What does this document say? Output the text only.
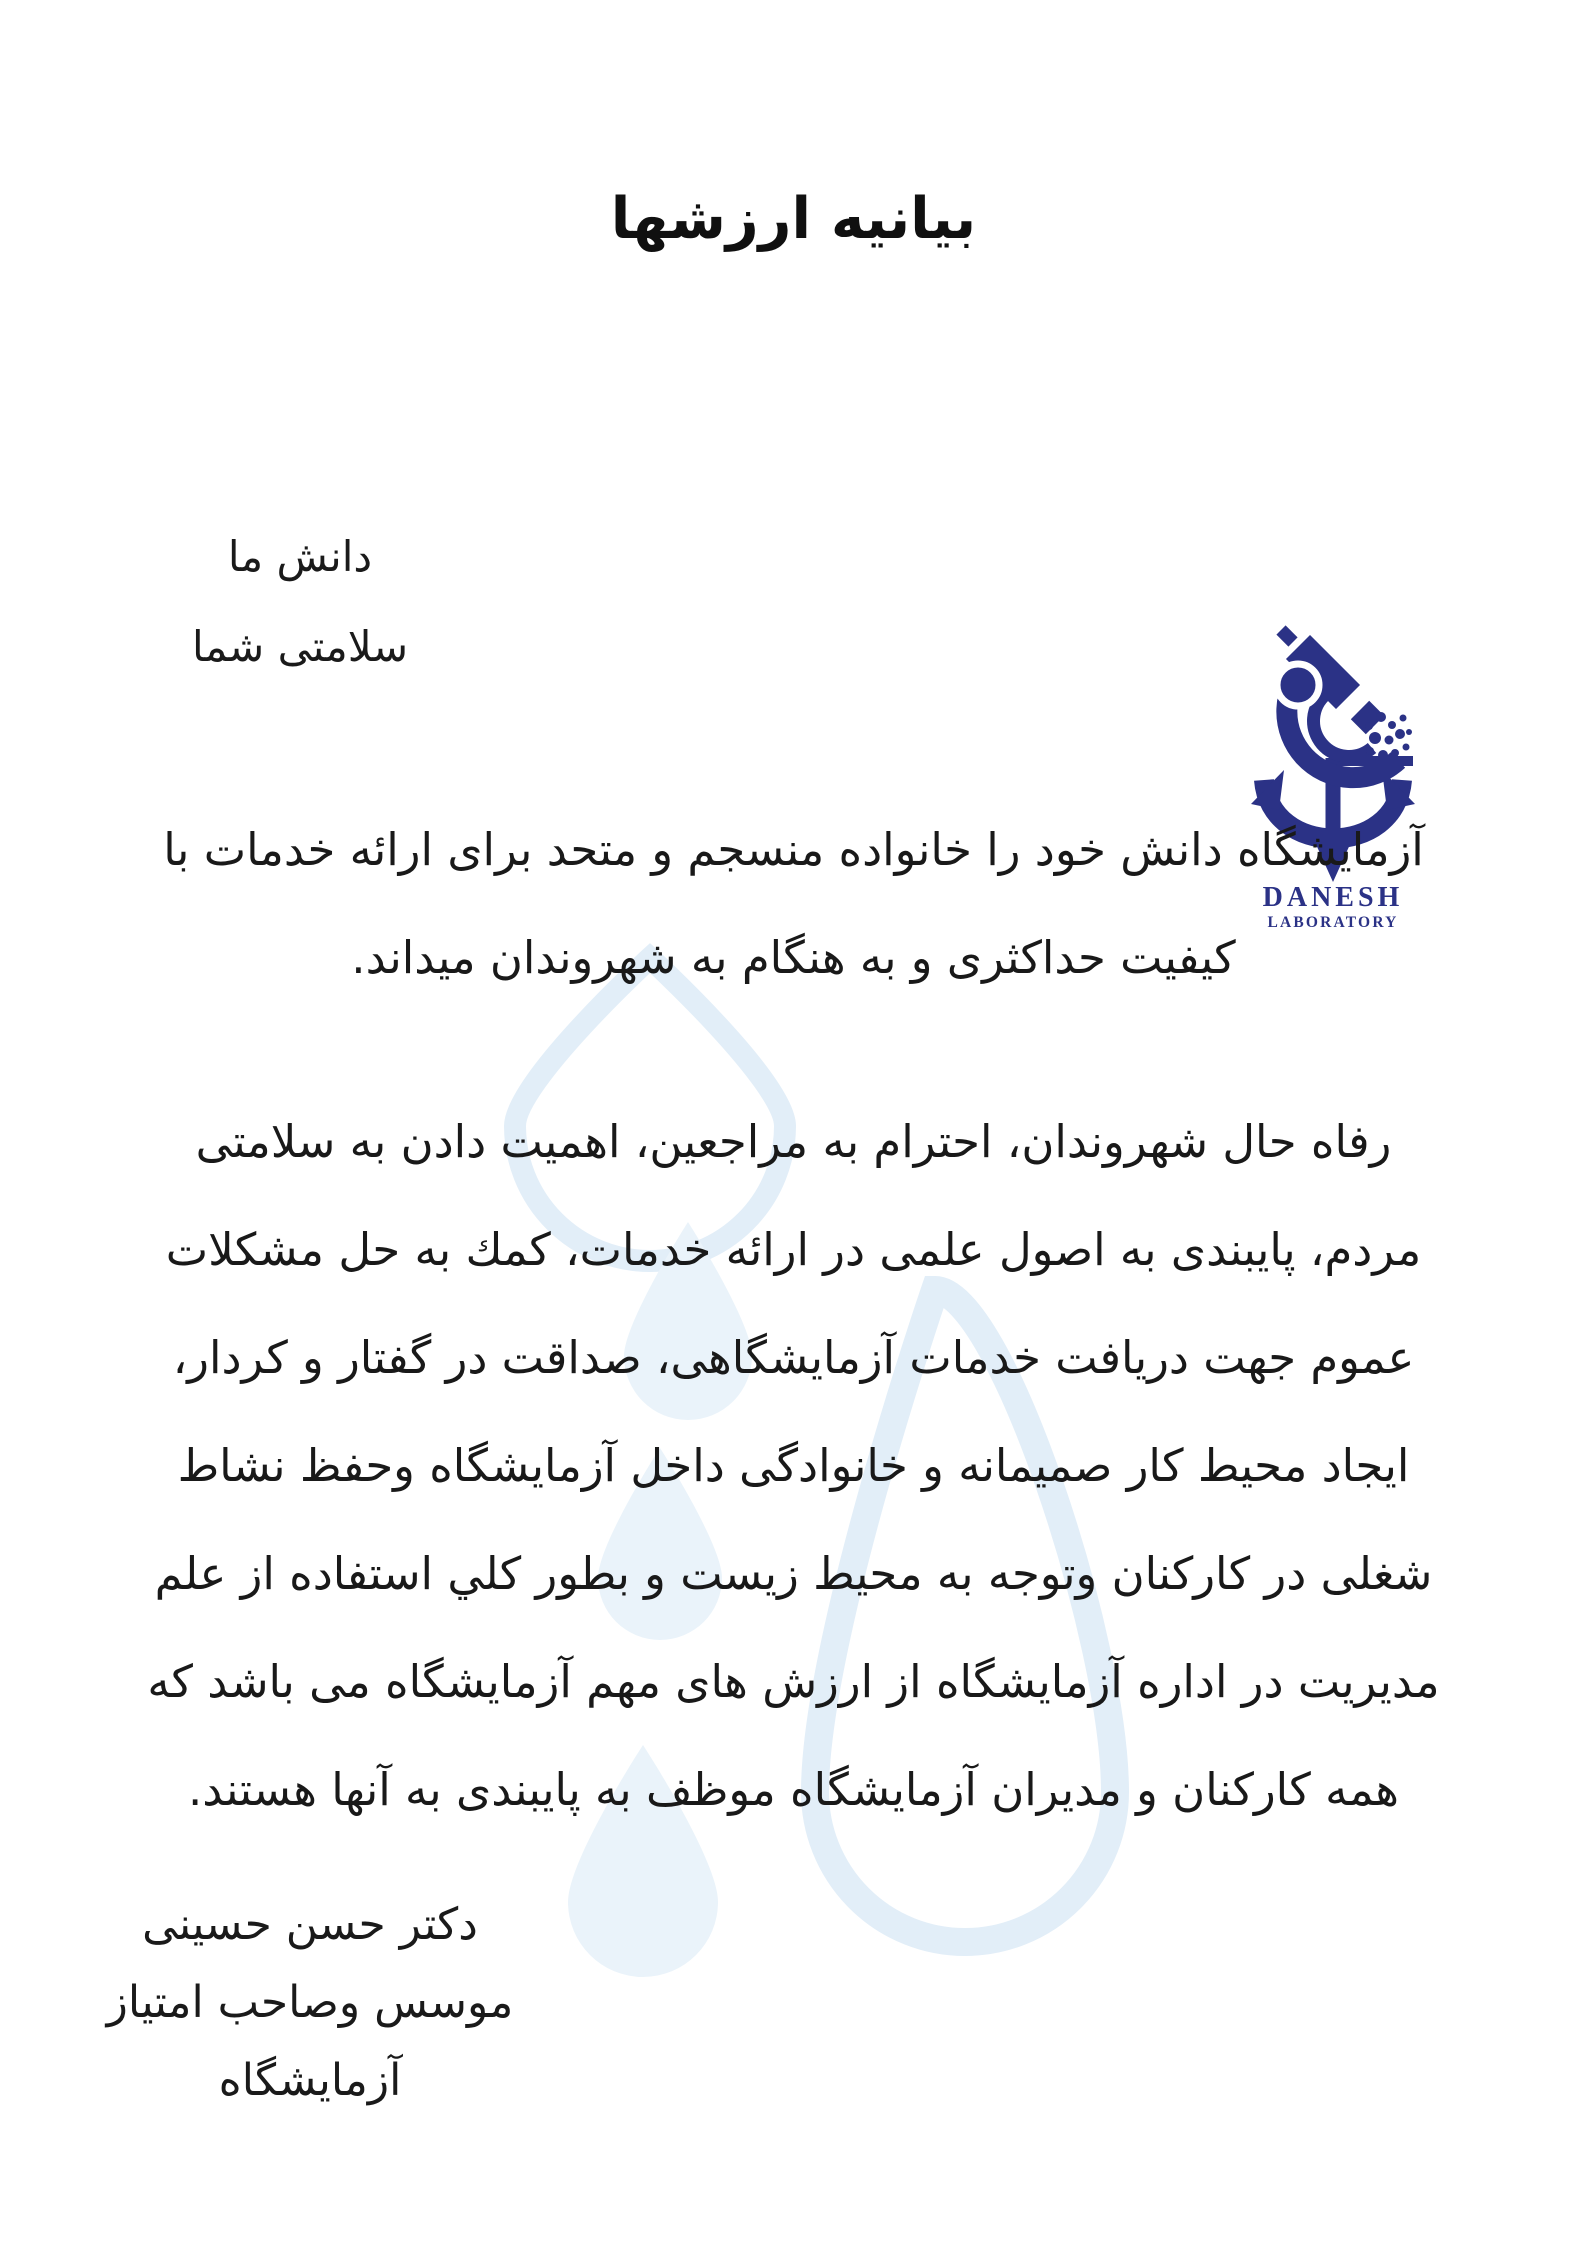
بیانیه ارزشها
دانش ما
سلامتی شما
DANESH
LABORATORY
آزمایشگاه دانش خود را خانواده منسجم و متحد برای ارائه خدمات با
کیفیت حداکثری و به هنگام به شهروندان میداند.
رفاه حال شهروندان، احترام به مراجعین، اهمیت دادن به سلامتی
مردم، پایبندی به اصول علمی در ارائه خدمات، کمك به حل مشکلات
عموم جهت دریافت خدمات آزمایشگاهی، صداقت در گفتار و کردار،
ایجاد محیط کار صمیمانه و خانوادگی داخل آزمایشگاه وحفظ نشاط
شغلی در کارکنان وتوجه به محیط زیست و بطور کلي استفاده از علم
مدیریت در اداره آزمایشگاه از ارزش های مهم آزمایشگاه می باشد که
همه کارکنان و مدیران آزمایشگاه موظف به پایبندی به آنها هستند.
دکتر حسن حسینی
موسس وصاحب امتیاز آزمایشگاه
